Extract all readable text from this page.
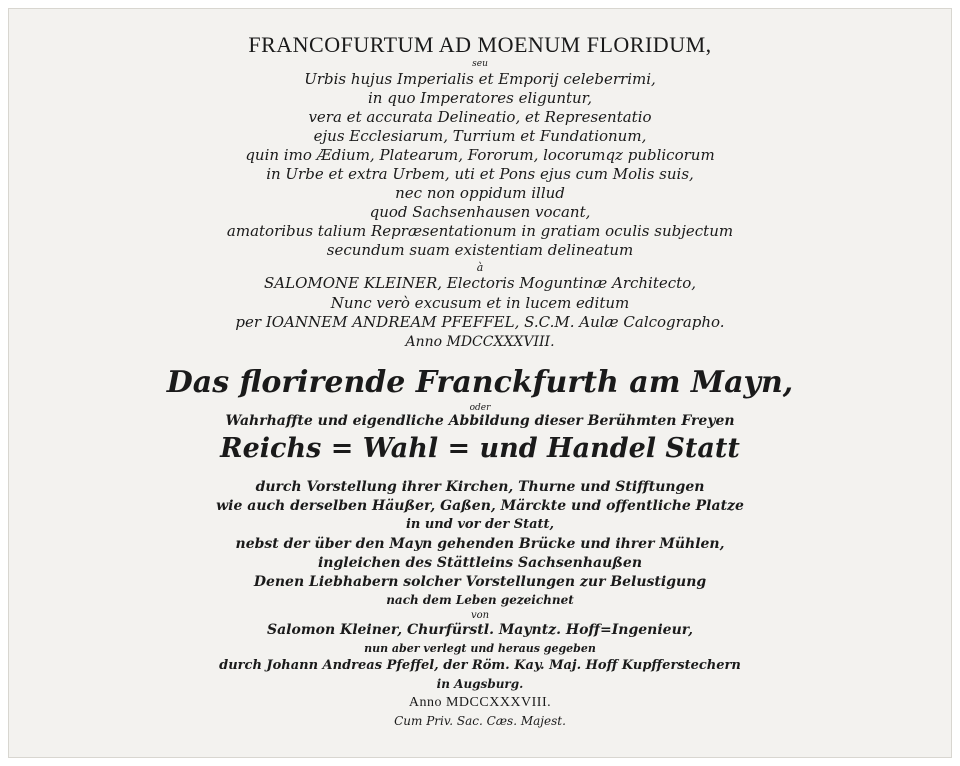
FRANCOFURTUM AD MOENUM FLORIDUM,
seu
Urbis hujus Imperialis et Emporij celeberrimi,
in quo Imperatores eliguntur,
vera et accurata Delineatio, et Representatio
ejus Ecclesiarum, Turrium et Fundationum,
quin imo Ædium, Platearum, Fororum, locorumqz publicorum
in Urbe et extra Urbem, uti et Pons ejus cum Molis suis,
nec non oppidum illud
quod Sachsenhausen vocant,
amatoribus talium Repræsentationum in gratiam oculis subjectum
secundum suam existentiam delineatum
à
SALOMONE KLEINER, Electoris Moguntinæ Architecto,
Nunc verò excusum et in lucem editum
per IOANNEM ANDREAM PFEFFEL, S.C.M. Aulæ Calcographo.
Anno MDCCXXXVIII.
Das florirende Franckfurth am Mayn,
oder
Wahrhaffte und eigendliche Abbildung dieser Berühmten Freyen
Reichs = Wahl = und Handel Statt
durch Vorstellung ihrer Kirchen, Thurne und Stifftungen
wie auch derselben Häußer, Gaßen, Märckte und offentliche Platze
in und vor der Statt,
nebst der über den Mayn gehenden Brücke und ihrer Mühlen,
ingleichen des Stättleins Sachsenhaußen
Denen Liebhabern solcher Vorstellungen zur Belustigung
nach dem Leben gezeichnet
von
Salomon Kleiner, Churfürstl. Mayntz. Hoff=Ingenieur,
nun aber verlegt und heraus gegeben
durch Johann Andreas Pfeffel, der Röm. Kay. Maj. Hoff Kupfferstechern
in Augsburg.
Anno MDCCXXXVIII.
Cum Priv. Sac. Cæs. Majest.
